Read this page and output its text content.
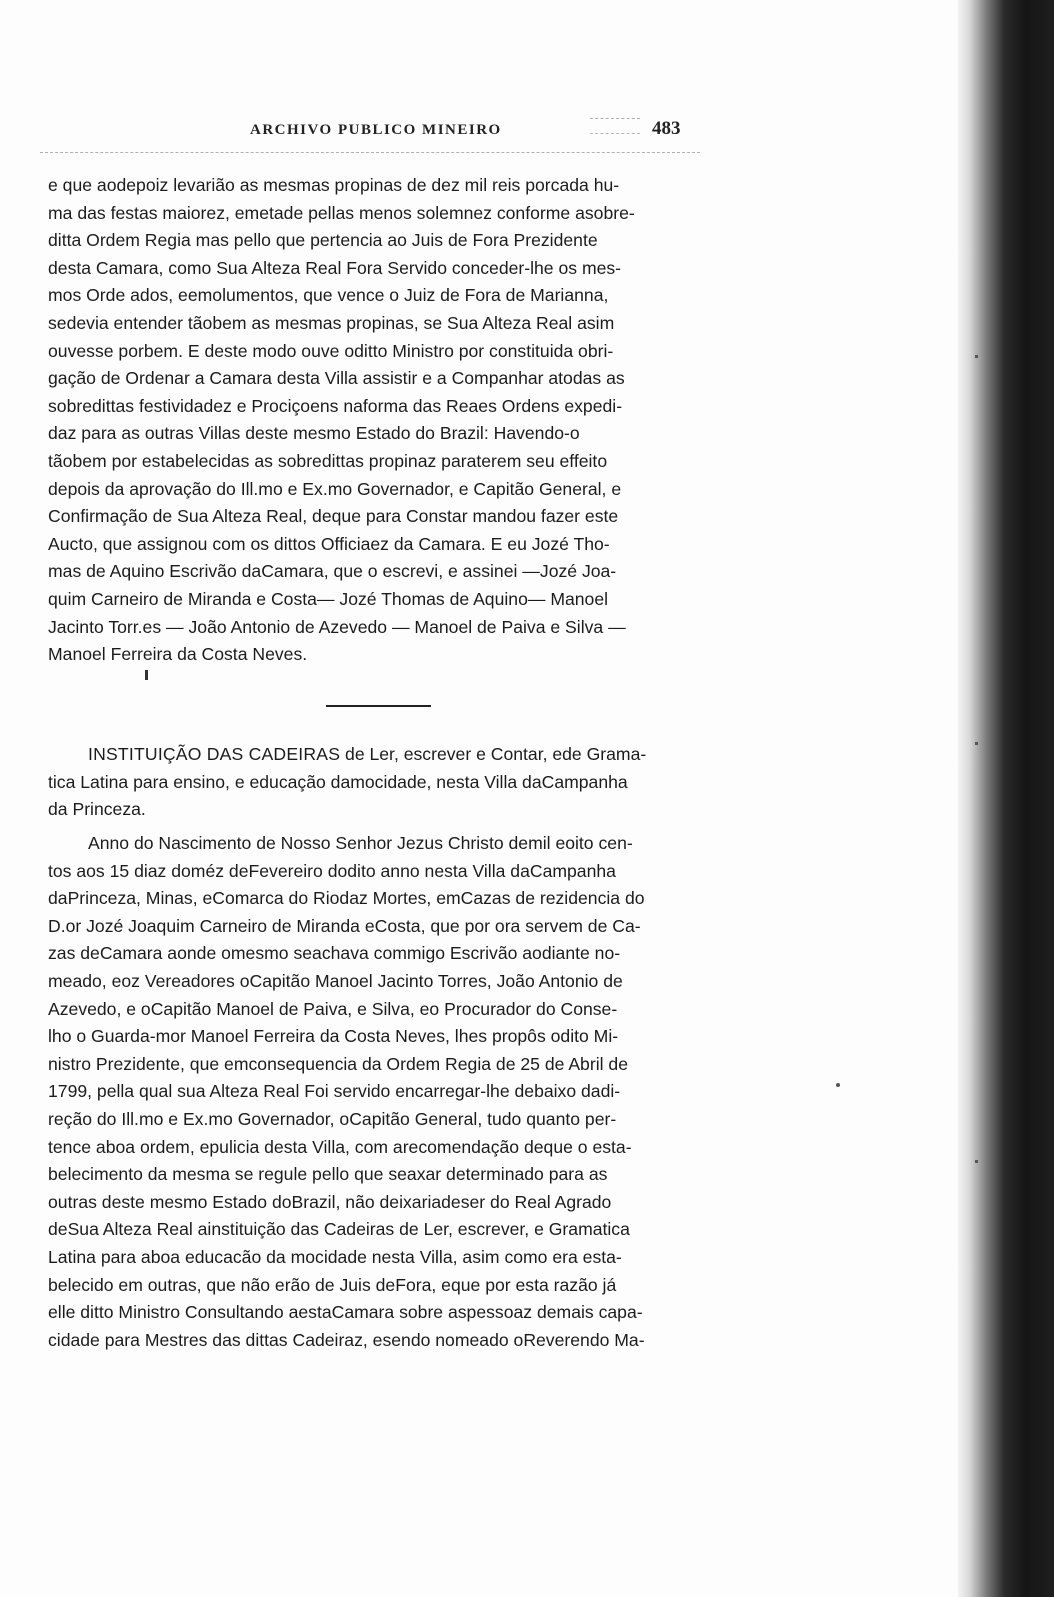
ARCHIVO PUBLICO MINEIRO	483

e que aodepoiz levarião as mesmas propinas de dez mil reis porcada hu-
ma das festas maiorez, emetade pellas menos solemnez conforme asobre-
ditta Ordem Regia mas pello que pertencia ao Juis de Fora Prezidente
desta Camara, como Sua Alteza Real Fora Servido conceder-lhe os mes-
mos Orde ados, eemolumentos, que vence o Juiz de Fora de Marianna,
sedevia entender tãobem as mesmas propinas, se Sua Alteza Real asim
ouvesse porbem. E deste modo ouve oditto Ministro por constituida obri-
gação de Ordenar a Camara desta Villa assistir e a Companhar atodas as
sobredittas festividadez e Prociçoens naforma das Reaes Ordens expedi-
daz para as outras Villas deste mesmo Estado do Brazil: Havendo-o
tãobem por estabelecidas as sobredittas propinaz paraterem seu effeito
depois da aprovação do Ill.mo e Ex.mo Governador, e Capitão General, e
Confirmação de Sua Alteza Real, deque para Constar mandou fazer este
Aucto, que assignou com os dittos Officiaez da Camara. E eu Jozé Tho-
mas de Aquino Escrivão daCamara, que o escrevi, e assinei —Jozé Joa-
quim Carneiro de Miranda e Costa— Jozé Thomas de Aquino— Manoel
Jacinto Torr.es — João Antonio de Azevedo — Manoel de Paiva e Silva —
Manoel Ferreira da Costa Neves.

INSTITUIÇÃO DAS CADEIRAS de Ler, escrever e Contar, ede Grama-
tica Latina para ensino, e educação damocidade, nesta Villa daCampanha
da Princeza.

Anno do Nascimento de Nosso Senhor Jezus Christo demil eoito cen-
tos aos 15 diaz doméz deFevereiro dodito anno nesta Villa daCampanha
daPrinceza, Minas, eComarca do Riodaz Mortes, emCazas de rezidencia do
D.or Jozé Joaquim Carneiro de Miranda eCosta, que por ora servem de Ca-
zas deCamara aonde omesmo seachava commigo Escrivão aodiante no-
meado, eoz Vereadores oCapitão Manoel Jacinto Torres, João Antonio de
Azevedo, e oCapitão Manoel de Paiva, e Silva, eo Procurador do Conse-
lho o Guarda-mor Manoel Ferreira da Costa Neves, lhes propôs odito Mi-
nistro Prezidente, que emconsequencia da Ordem Regia de 25 de Abril de
1799, pella qual sua Alteza Real Foi servido encarregar-lhe debaixo dadi-
reção do Ill.mo e Ex.mo Governador, oCapitão General, tudo quanto per-
tence aboa ordem, epulicia desta Villa, com arecomendação deque o esta-
belecimento da mesma se regule pello que seaxar determinado para as
outras deste mesmo Estado doBrazil, não deixariadeser do Real Agrado
deSua Alteza Real ainstituição das Cadeiras de Ler, escrever, e Gramatica
Latina para aboa educacão da mocidade nesta Villa, asim como era esta-
belecido em outras, que não erão de Juis deFora, eque por esta razão já
elle ditto Ministro Consultando aestaCamara sobre aspessoaz demais capa-
cidade para Mestres das dittas Cadeiraz, esendo nomeado oReverendo Ma-
